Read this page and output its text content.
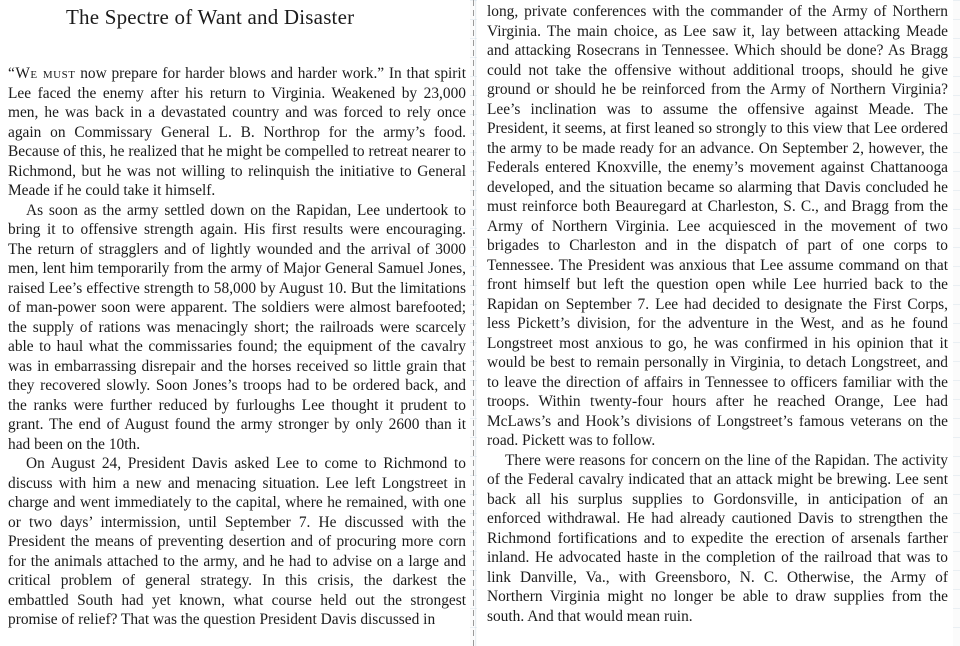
The Spectre of Want and Disaster

“We must now prepare for harder blows and harder work.” In that spirit Lee faced the enemy after his return to Virginia. Weakened by 23,000 men, he was back in a devastated country and was forced to rely once again on Commissary General L. B. Northrop for the army’s food. Because of this, he realized that he might be compelled to retreat nearer to Richmond, but he was not willing to relinquish the initiative to General Meade if he could take it himself.

As soon as the army settled down on the Rapidan, Lee undertook to bring it to offensive strength again. His first results were encouraging. The return of stragglers and of lightly wounded and the arrival of 3000 men, lent him temporarily from the army of Major General Samuel Jones, raised Lee’s effective strength to 58,000 by August 10. But the limitations of man-power soon were apparent. The soldiers were almost barefooted; the supply of rations was menacingly short; the railroads were scarcely able to haul what the commissaries found; the equipment of the cavalry was in embarrassing disrepair and the horses received so little grain that they recovered slowly. Soon Jones’s troops had to be ordered back, and the ranks were further reduced by furloughs Lee thought it prudent to grant. The end of August found the army stronger by only 2600 than it had been on the 10th.

On August 24, President Davis asked Lee to come to Richmond to discuss with him a new and menacing situation. Lee left Longstreet in charge and went immediately to the capital, where he remained, with one or two days’ intermission, until September 7. He discussed with the President the means of preventing desertion and of procuring more corn for the animals attached to the army, and he had to advise on a large and critical problem of general strategy. In this crisis, the darkest the embattled South had yet known, what course held out the strongest promise of relief? That was the question President Davis discussed in

long, private conferences with the commander of the Army of Northern Virginia. The main choice, as Lee saw it, lay between attacking Meade and attacking Rosecrans in Tennessee. Which should be done? As Bragg could not take the offensive without additional troops, should he give ground or should he be reinforced from the Army of Northern Virginia? Lee’s inclination was to assume the offensive against Meade. The President, it seems, at first leaned so strongly to this view that Lee ordered the army to be made ready for an advance. On September 2, however, the Federals entered Knoxville, the enemy’s movement against Chattanooga developed, and the situation became so alarming that Davis concluded he must reinforce both Beauregard at Charleston, S. C., and Bragg from the Army of Northern Virginia. Lee acquiesced in the movement of two brigades to Charleston and in the dispatch of part of one corps to Tennessee. The President was anxious that Lee assume command on that front himself but left the question open while Lee hurried back to the Rapidan on September 7. Lee had decided to designate the First Corps, less Pickett’s division, for the adventure in the West, and as he found Longstreet most anxious to go, he was confirmed in his opinion that it would be best to remain personally in Virginia, to detach Longstreet, and to leave the direction of affairs in Tennessee to officers familiar with the troops. Within twenty-four hours after he reached Orange, Lee had McLaws’s and Hook’s divisions of Longstreet’s famous veterans on the road. Pickett was to follow.

There were reasons for concern on the line of the Rapidan. The activity of the Federal cavalry indicated that an attack might be brewing. Lee sent back all his surplus supplies to Gordonsville, in anticipation of an enforced withdrawal. He had already cautioned Davis to strengthen the Richmond fortifications and to expedite the erection of arsenals farther inland. He advocated haste in the completion of the railroad that was to link Danville, Va., with Greensboro, N. C. Otherwise, the Army of Northern Virginia might no longer be able to draw supplies from the south. And that would mean ruin.
